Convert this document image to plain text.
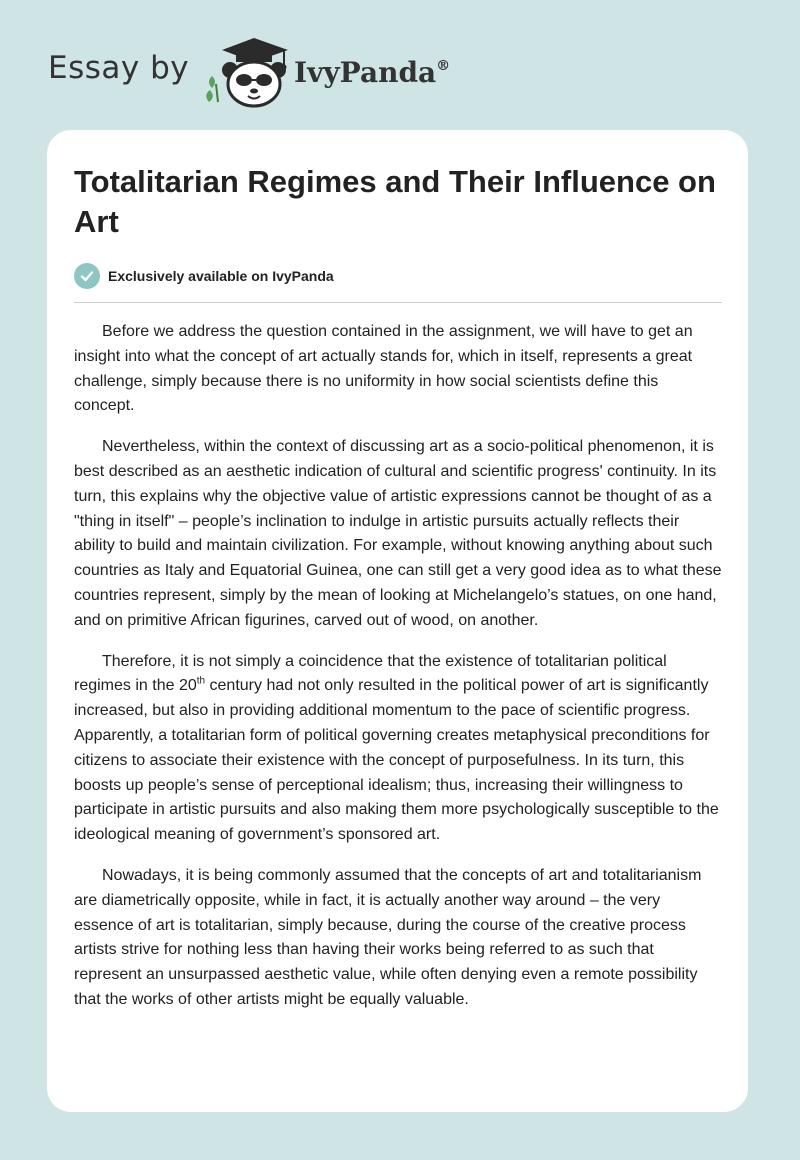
Essay by	IvyPanda®
Totalitarian Regimes and Their Influence on Art
Exclusively available on IvyPanda

Before we address the question contained in the assignment, we will have to get an insight into what the concept of art actually stands for, which in itself, represents a great challenge, simply because there is no uniformity in how social scientists define this concept.

Nevertheless, within the context of discussing art as a socio-political phenomenon, it is best described as an aesthetic indication of cultural and scientific progress' continuity. In its turn, this explains why the objective value of artistic expressions cannot be thought of as a "thing in itself" – people’s inclination to indulge in artistic pursuits actually reflects their ability to build and maintain civilization. For example, without knowing anything about such countries as Italy and Equatorial Guinea, one can still get a very good idea as to what these countries represent, simply by the mean of looking at Michelangelo’s statues, on one hand, and on primitive African figurines, carved out of wood, on another.

Therefore, it is not simply a coincidence that the existence of totalitarian political regimes in the 20th century had not only resulted in the political power of art is significantly increased, but also in providing additional momentum to the pace of scientific progress. Apparently, a totalitarian form of political governing creates metaphysical preconditions for citizens to associate their existence with the concept of purposefulness. In its turn, this boosts up people’s sense of perceptional idealism; thus, increasing their willingness to participate in artistic pursuits and also making them more psychologically susceptible to the ideological meaning of government’s sponsored art.

Nowadays, it is being commonly assumed that the concepts of art and totalitarianism are diametrically opposite, while in fact, it is actually another way around – the very essence of art is totalitarian, simply because, during the course of the creative process artists strive for nothing less than having their works being referred to as such that represent an unsurpassed aesthetic value, while often denying even a remote possibility that the works of other artists might be equally valuable.
